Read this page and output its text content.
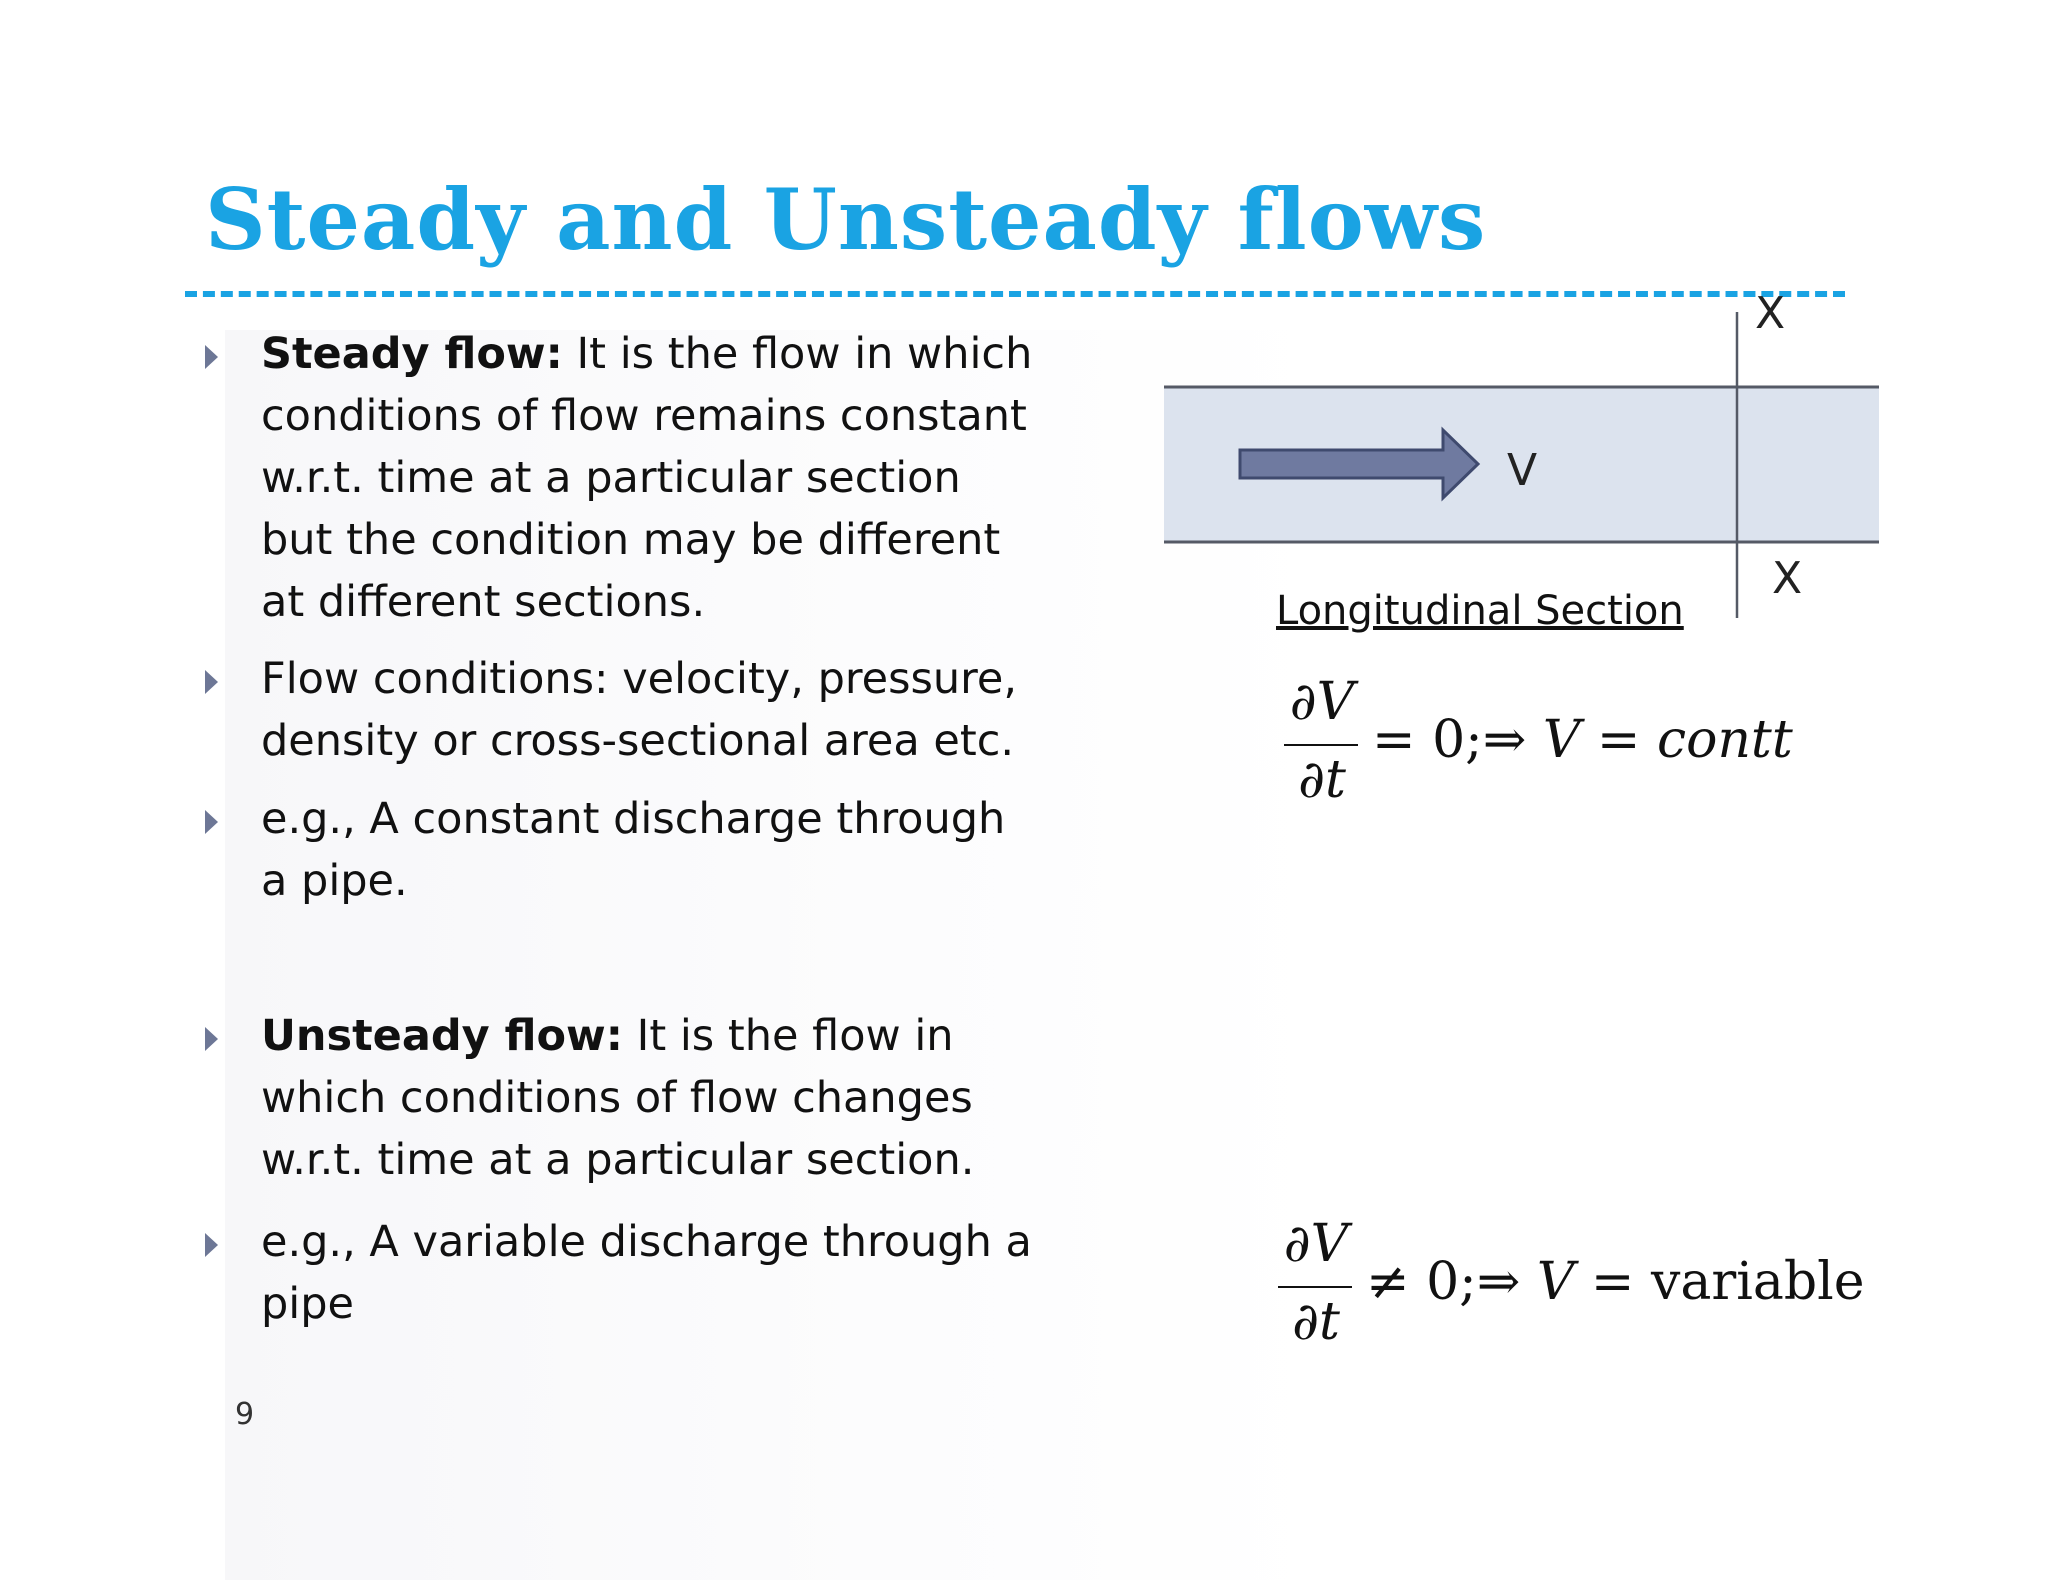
Steady and Unsteady flows

Steady flow: It is the flow in which conditions of flow remains constant w.r.t. time at a particular section but the condition may be different at different sections.

Flow conditions: velocity, pressure, density or cross-sectional area etc.

e.g., A constant discharge through a pipe.

Unsteady flow: It is the flow in which conditions of flow changes w.r.t. time at a particular section.

e.g., A variable discharge through a pipe

9
V
X
X
Longitudinal Section
∂V
∂t
= 0;⇒ V = contt
∂V
∂t
≠ 0;⇒ V = variable
